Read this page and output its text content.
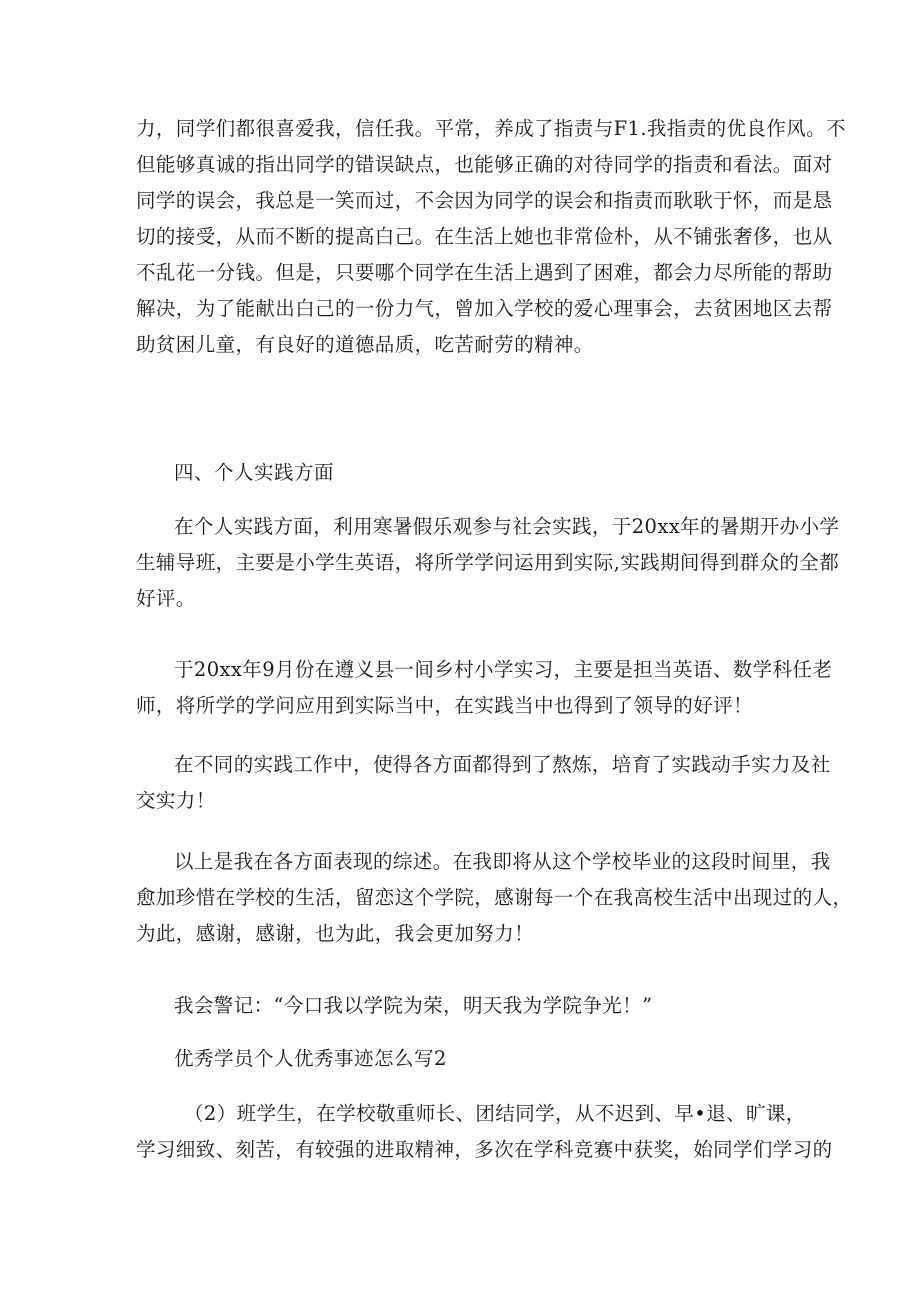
力，同学们都很喜爱我，信任我。平常，养成了指责与F1.我指责的优良作风。不
但能够真诚的指出同学的错误缺点，也能够正确的对待同学的指责和看法。面对
同学的误会，我总是一笑而过，不会因为同学的误会和指责而耿耿于怀，而是恳
切的接受，从而不断的提高白己。在生活上她也非常俭朴，从不铺张奢侈，也从
不乱花一分钱。但是，只要哪个同学在生活上遇到了困难，都会力尽所能的帮助
解决，为了能献出白己的一份力气，曾加入学校的爱心理事会，去贫困地区去帮
助贫困儿童，有良好的道德品质，吃苦耐劳的精神。
四、个人实践方面
在个人实践方面，利用寒暑假乐观参与社会实践，于20xx年的暑期开办小学
生辅导班，主要是小学生英语，将所学学问运用到实际,实践期间得到群众的全都
好评。
于20xx年9月份在遵义县一间乡村小学实习，主要是担当英语、数学科任老
师，将所学的学问应用到实际当中，在实践当中也得到了领导的好评！
在不同的实践工作中，使得各方面都得到了熬炼，培育了实践动手实力及社
交实力！
以上是我在各方面表现的综述。在我即将从这个学校毕业的这段时间里，我
愈加珍惜在学校的生活，留恋这个学院，感谢每一个在我高校生活中出现过的人，
为此，感谢，感谢，也为此，我会更加努力！
我会警记：“今口我以学院为荣，明天我为学院争光！”
优秀学员个人优秀事迹怎么写2
（2）班学生，在学校敬重师长、团结同学，从不迟到、早•退、旷课，
学习细致、刻苦，有较强的进取精神，多次在学科竞赛中获奖，始同学们学习的
